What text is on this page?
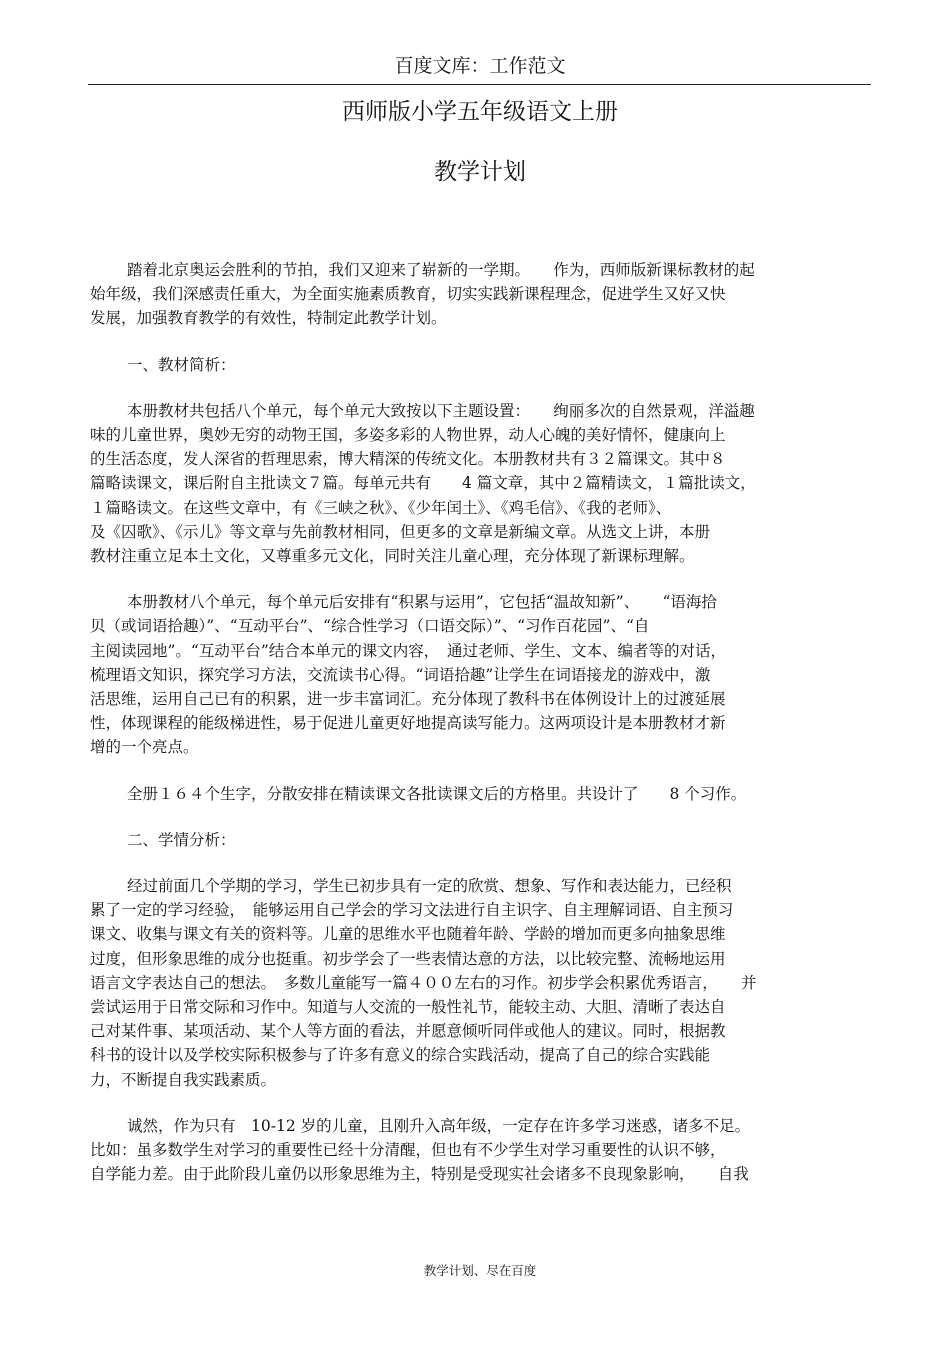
百度文库：工作范文
西师版小学五年级语文上册
教学计划
踏着北京奥运会胜利的节拍，我们又迎来了崭新的一学期。　　作为，西师版新课标教材的起
始年级，我们深感责任重大，为全面实施素质教育，切实实践新课程理念，促进学生又好又快
发展，加强教育教学的有效性，特制定此教学计划。
一、教材简析：
本册教材共包括八个单元，每个单元大致按以下主题设置：　　绚丽多次的自然景观，洋溢趣
味的儿童世界，奥妙无穷的动物王国，多姿多彩的人物世界，动人心魄的美好情怀，健康向上
的生活态度，发人深省的哲理思索，博大精深的传统文化。本册教材共有３２篇课文。其中８
篇略读课文，课后附自主批读文７篇。每单元共有　　4 篇文章，其中２篇精读文，１篇批读文，
１篇略读文。在这些文章中，有《三峡之秋》、《少年闰土》、《鸡毛信》、《我的老师》、
及《囚歌》、《示儿》等文章与先前教材相同，但更多的文章是新编文章。从选文上讲，本册
教材注重立足本土文化，又尊重多元文化，同时关注儿童心理，充分体现了新课标理解。
本册教材八个单元，每个单元后安排有“积累与运用”，它包括“温故知新”、　　“语海拾
贝（或词语拾趣）”、“互动平台”、“综合性学习（口语交际）”、“习作百花园”、“自
主阅读园地”。“互动平台”结合本单元的课文内容，　通过老师、学生、文本、编者等的对话，
梳理语文知识，探究学习方法，交流读书心得。“词语拾趣”让学生在词语接龙的游戏中，激
活思维，运用自己已有的积累，进一步丰富词汇。充分体现了教科书在体例设计上的过渡延展
性，体现课程的能级梯进性，易于促进儿童更好地提高读写能力。这两项设计是本册教材才新
增的一个亮点。
全册１６４个生字，分散安排在精读课文各批读课文后的方格里。共设计了　　8 个习作。
二、学情分析：
经过前面几个学期的学习，学生已初步具有一定的欣赏、想象、写作和表达能力，已经积
累了一定的学习经验，　能够运用自己学会的学习文法进行自主识字、自主理解词语、自主预习
课文、收集与课文有关的资料等。儿童的思维水平也随着年龄、学龄的增加而更多向抽象思维
过度，但形象思维的成分也挺重。初步学会了一些表情达意的方法，以比较完整、流畅地运用
语言文字表达自己的想法。　多数儿童能写一篇４００左右的习作。初步学会积累优秀语言，　　并
尝试运用于日常交际和习作中。知道与人交流的一般性礼节，能较主动、大胆、清晰了表达自
己对某件事、某项活动、某个人等方面的看法，并愿意倾听同伴或他人的建议。同时，根据教
科书的设计以及学校实际积极参与了许多有意义的综合实践活动，提高了自己的综合实践能
力，不断提自我实践素质。
诚然，作为只有　10-12 岁的儿童，且刚升入高年级，一定存在许多学习迷惑，诸多不足。
比如：虽多数学生对学习的重要性已经十分清醒，但也有不少学生对学习重要性的认识不够，
自学能力差。由于此阶段儿童仍以形象思维为主，特别是受现实社会诸多不良现象影响，　　自我
教学计划、尽在百度
